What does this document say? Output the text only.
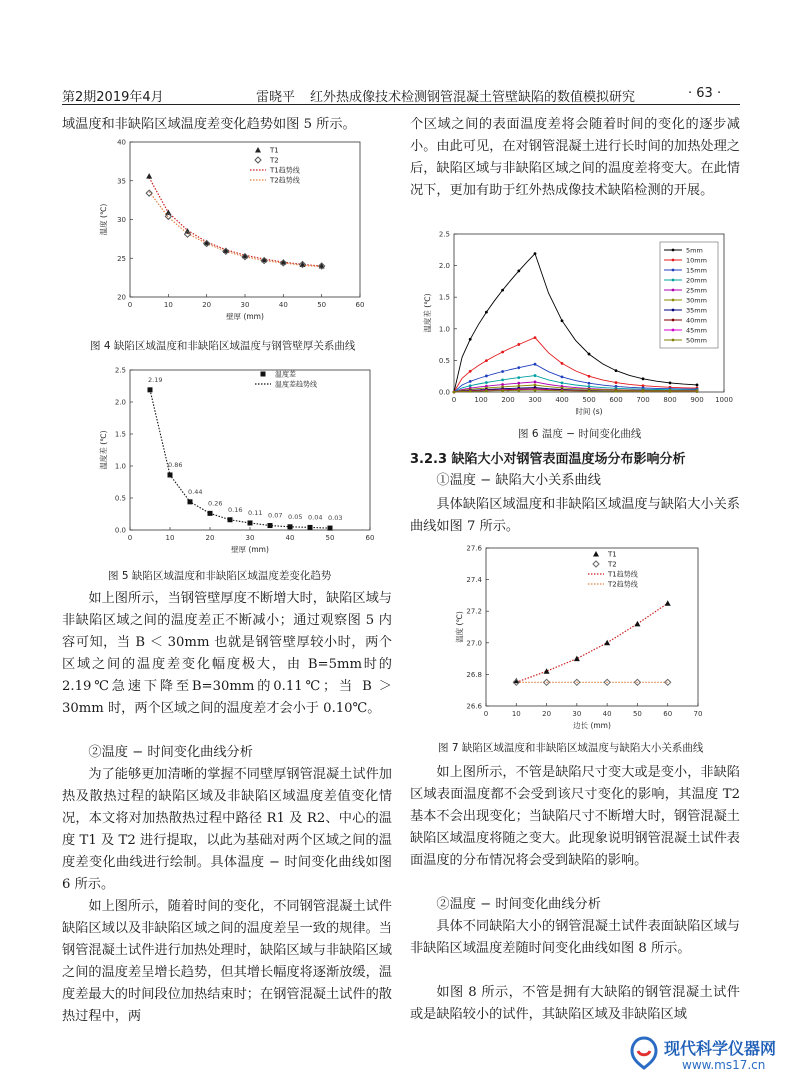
第2期2019年4月	雷晓平 红外热成像技术检测钢管混凝土管壁缺陷的数值模拟研究	· 63 ·

域温度和非缺陷区域温度差变化趋势如图 5 所示。

0	10	20	30	40	50	60
20
25
30
35
40
壁厚 (mm)
温度 (℃)
T1
T2
T1趋势线
T2趋势线
图 4 缺陷区域温度和非缺陷区域温度与钢管壁厚关系曲线
0	10	20	30	40	50	60
0.0
0.5
1.0
1.5
2.0
2.5
壁厚 (mm)
温度差 (℃)
2.19
0.86
0.44
0.26
0.16 0.11 0.07 0.05 0.04 0.03
温度差
温度差趋势线
图 5 缺陷区域温度和非缺陷区域温度差变化趋势

如上图所示，当钢管壁厚度不断增大时，缺陷区域与非缺陷区域之间的温度差正不断减小；通过观察图 5 内容可知，当 B ＜ 30mm 也就是钢管壁厚较小时，两个区域之间的温度差变化幅度极大，由 B=5mm时的2.19℃急速下降至B=30mm的0.11℃；当 B ＞ 30mm 时，两个区域之间的温度差才会小于 0.10℃。

②温度 − 时间变化曲线分析

为了能够更加清晰的掌握不同壁厚钢管混凝土试件加热及散热过程的缺陷区域及非缺陷区域温度差值变化情况，本文将对加热散热过程中路径 R1 及 R2、中心的温度 T1 及 T2 进行提取，以此为基础对两个区域之间的温度差变化曲线进行绘制。具体温度 − 时间变化曲线如图 6 所示。

如上图所示，随着时间的变化，不同钢管混凝土试件缺陷区域以及非缺陷区域之间的温度差呈一致的规律。当钢管混凝土试件进行加热处理时，缺陷区域与非缺陷区域之间的温度差呈增长趋势，但其增长幅度将逐渐放缓，温度差最大的时间段位加热结束时；在钢管混凝土试件的散热过程中，两

个区域之间的表面温度差将会随着时间的变化的逐步减小。由此可见，在对钢管混凝土进行长时间的加热处理之后，缺陷区域与非缺陷区域之间的温度差将变大。在此情况下，更加有助于红外热成像技术缺陷检测的开展。

0	100 200 300 400 500 600 700 800 900 1000
0.0
0.5
1.0
1.5
2.0
2.5
时间 (s)
温度差 (℃)
5mm
10mm
15mm
20mm
25mm
30mm
35mm
40mm
45mm
50mm
图 6 温度 − 时间变化曲线
3.2.3 缺陷大小对钢管表面温度场分布影响分析

①温度 − 缺陷大小关系曲线

具体缺陷区域温度和非缺陷区域温度与缺陷大小关系曲线如图 7 所示。

0	10	20	30	40	50	60	70
26.6
26.8
27.0
27.2
27.4
27.6
边长 (mm)
温度 (℃)
T1
T2
T1趋势线
T2趋势线
图 7 缺陷区域温度和非缺陷区域温度与缺陷大小关系曲线

如上图所示，不管是缺陷尺寸变大或是变小，非缺陷区域表面温度都不会受到该尺寸变化的影响，其温度 T2 基本不会出现变化；当缺陷尺寸不断增大时，钢管混凝土缺陷区域温度将随之变大。此现象说明钢管混凝土试件表面温度的分布情况将会受到缺陷的影响。

②温度 − 时间变化曲线分析

具体不同缺陷大小的钢管混凝土试件表面缺陷区域与非缺陷区域温度差随时间变化曲线如图 8 所示。

如图 8 所示，不管是拥有大缺陷的钢管混凝土试件或是缺陷较小的试件，其缺陷区域及非缺陷区域

现代科学仪器网
www.ms17.cn
